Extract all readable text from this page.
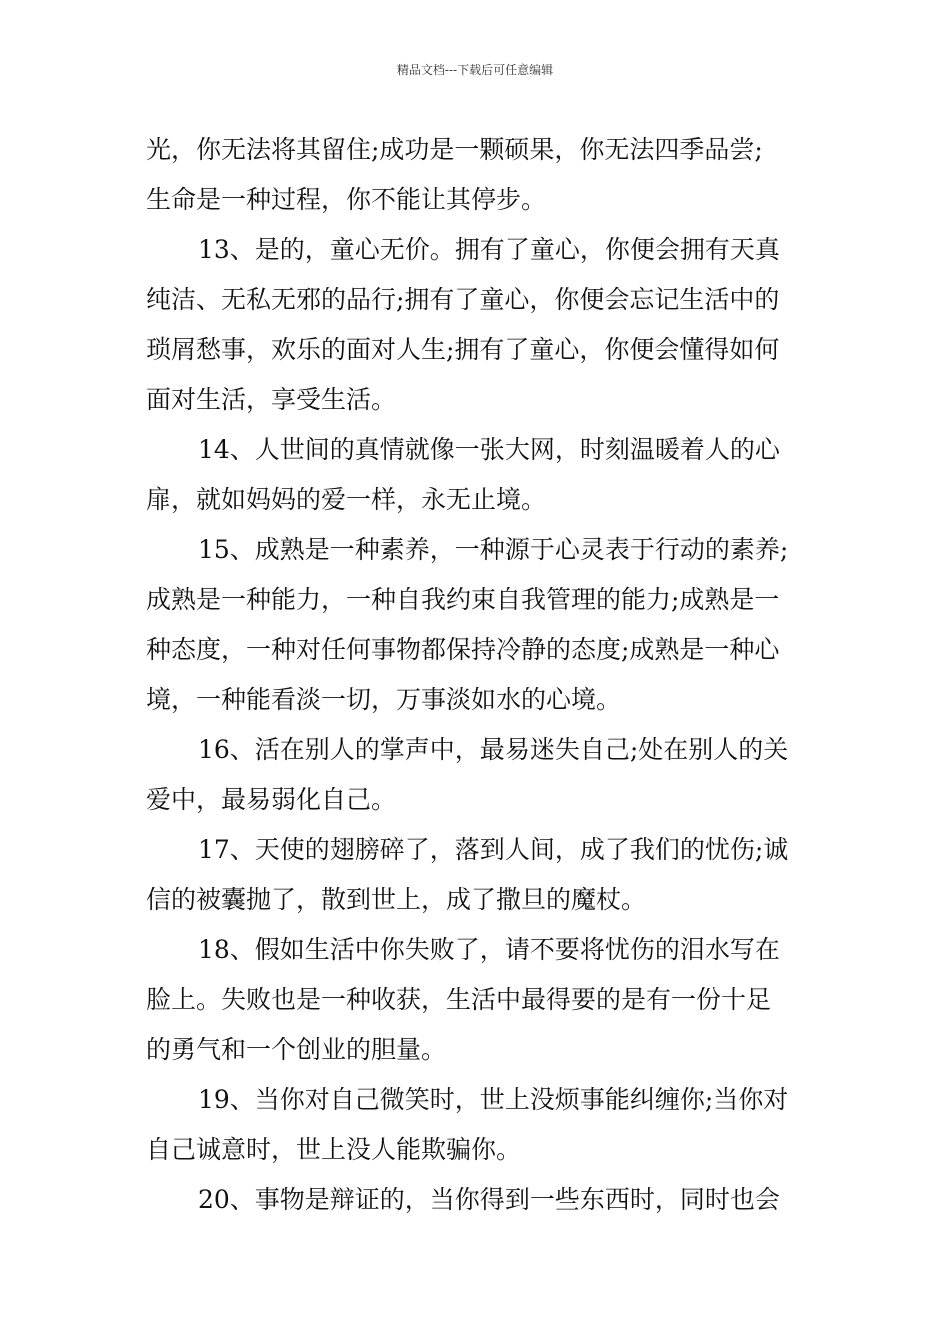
精品文档---下载后可任意编辑
光，你无法将其留住;成功是一颗硕果，你无法四季品尝;
生命是一种过程，你不能让其停步。
13、是的，童心无价。拥有了童心，你便会拥有天真
纯洁、无私无邪的品行;拥有了童心，你便会忘记生活中的
琐屑愁事，欢乐的面对人生;拥有了童心，你便会懂得如何
面对生活，享受生活。
14、人世间的真情就像一张大网，时刻温暖着人的心
扉，就如妈妈的爱一样，永无止境。
15、成熟是一种素养，一种源于心灵表于行动的素养;
成熟是一种能力，一种自我约束自我管理的能力;成熟是一
种态度，一种对任何事物都保持冷静的态度;成熟是一种心
境，一种能看淡一切，万事淡如水的心境。
16、活在别人的掌声中，最易迷失自己;处在别人的关
爱中，最易弱化自己。
17、天使的翅膀碎了，落到人间，成了我们的忧伤;诚
信的被囊抛了，散到世上，成了撒旦的魔杖。
18、假如生活中你失败了，请不要将忧伤的泪水写在
脸上。失败也是一种收获，生活中最得要的是有一份十足
的勇气和一个创业的胆量。
19、当你对自己微笑时，世上没烦事能纠缠你;当你对
自己诚意时，世上没人能欺骗你。
20、事物是辩证的，当你得到一些东西时，同时也会
